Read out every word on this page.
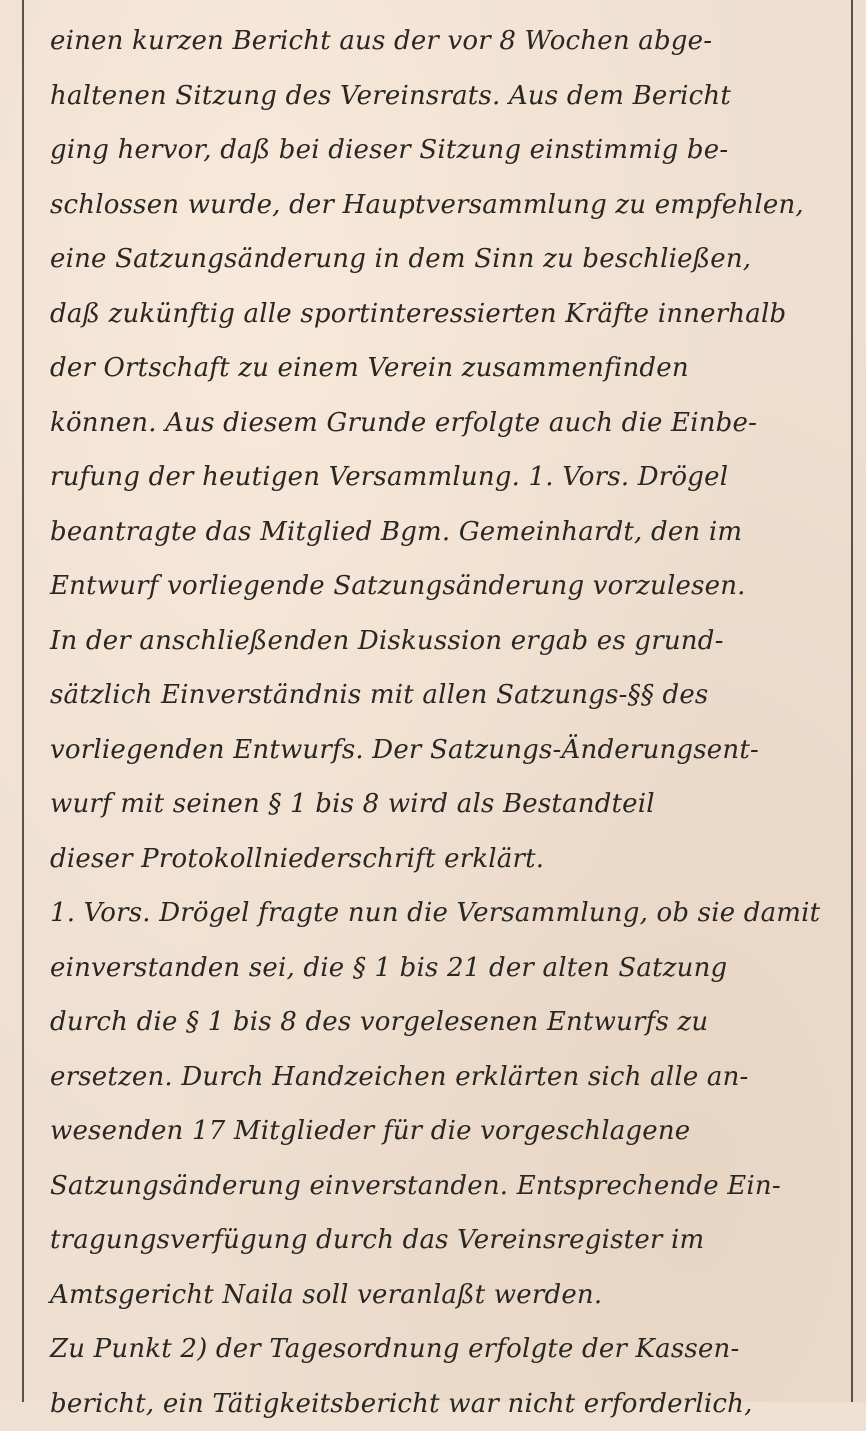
einen kurzen Bericht aus der vor 8 Wochen abge-
haltenen Sitzung des Vereinsrats. Aus dem Bericht
ging hervor, daß bei dieser Sitzung einstimmig be-
schlossen wurde, der Hauptversammlung zu empfehlen,
eine Satzungsänderung in dem Sinn zu beschließen,
daß zukünftig alle sportinteressierten Kräfte innerhalb
der Ortschaft zu einem Verein zusammenfinden
können. Aus diesem Grunde erfolgte auch die Einbe-
rufung der heutigen Versammlung. 1. Vors. Drögel
beantragte das Mitglied Bgm. Gemeinhardt, den im
Entwurf vorliegende Satzungsänderung vorzulesen.
In der anschließenden Diskussion ergab es grund-
sätzlich Einverständnis mit allen Satzungs-§§ des
vorliegenden Entwurfs. Der Satzungs-Änderungsent-
wurf mit seinen § 1 bis 8 wird als Bestandteil
dieser Protokollniederschrift erklärt.
1. Vors. Drögel fragte nun die Versammlung, ob sie damit
einverstanden sei, die § 1 bis 21 der alten Satzung
durch die § 1 bis 8 des vorgelesenen Entwurfs zu
ersetzen. Durch Handzeichen erklärten sich alle an-
wesenden 17 Mitglieder für die vorgeschlagene
Satzungsänderung einverstanden. Entsprechende Ein-
tragungsverfügung durch das Vereinsregister im
Amtsgericht Naila soll veranlaßt werden.
Zu Punkt 2) der Tagesordnung erfolgte der Kassen-
bericht, ein Tätigkeitsbericht war nicht erforderlich,
